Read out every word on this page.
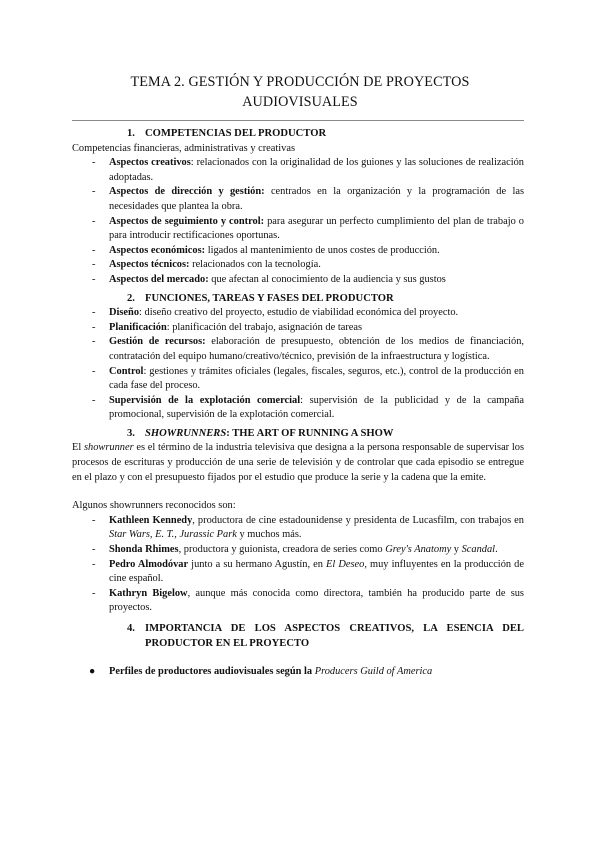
TEMA 2. GESTIÓN Y PRODUCCIÓN DE PROYECTOS
AUDIOVISUALES
1. COMPETENCIAS DEL PRODUCTOR

Competencias financieras, administrativas y creativas

- Aspectos creativos: relacionados con la originalidad de los guiones y las soluciones de realización adoptadas.
- Aspectos de dirección y gestión: centrados en la organización y la programación de las necesidades que plantea la obra.
- Aspectos de seguimiento y control: para asegurar un perfecto cumplimiento del plan de trabajo o para introducir rectificaciones oportunas.
- Aspectos económicos: ligados al mantenimiento de unos costes de producción.
- Aspectos técnicos: relacionados con la tecnología.
- Aspectos del mercado: que afectan al conocimiento de la audiencia y sus gustos
2. FUNCIONES, TAREAS Y FASES DEL PRODUCTOR
- Diseño: diseño creativo del proyecto, estudio de viabilidad económica del proyecto.
- Planificación: planificación del trabajo, asignación de tareas
- Gestión de recursos: elaboración de presupuesto, obtención de los medios de financiación, contratación del equipo humano/creativo/técnico, previsión de la infraestructura y logística.
- Control: gestiones y trámites oficiales (legales, fiscales, seguros, etc.), control de la producción en cada fase del proceso.
- Supervisión de la explotación comercial: supervisión de la publicidad y de la campaña promocional, supervisión de la explotación comercial.
3. SHOWRUNNERS: THE ART OF RUNNING A SHOW

El showrunner es el término de la industria televisiva que designa a la persona responsable de supervisar los procesos de escrituras y producción de una serie de televisión y de controlar que cada episodio se entregue en el plazo y con el presupuesto fijados por el estudio que produce la serie y la cadena que la emite.

Algunos showrunners reconocidos son:

- Kathleen Kennedy, productora de cine estadounidense y presidenta de Lucasfilm, con trabajos en Star Wars, E. T., Jurassic Park y muchos más.
- Shonda Rhimes, productora y guionista, creadora de series como Grey's Anatomy y Scandal.
- Pedro Almodóvar junto a su hermano Agustín, en El Deseo, muy influyentes en la producción de cine español.
- Kathryn Bigelow, aunque más conocida como directora, también ha producido parte de sus proyectos.
4. IMPORTANCIA DE LOS ASPECTOS CREATIVOS, LA ESENCIA DEL PRODUCTOR EN EL PROYECTO
● Perfiles de productores audiovisuales según la Producers Guild of America
